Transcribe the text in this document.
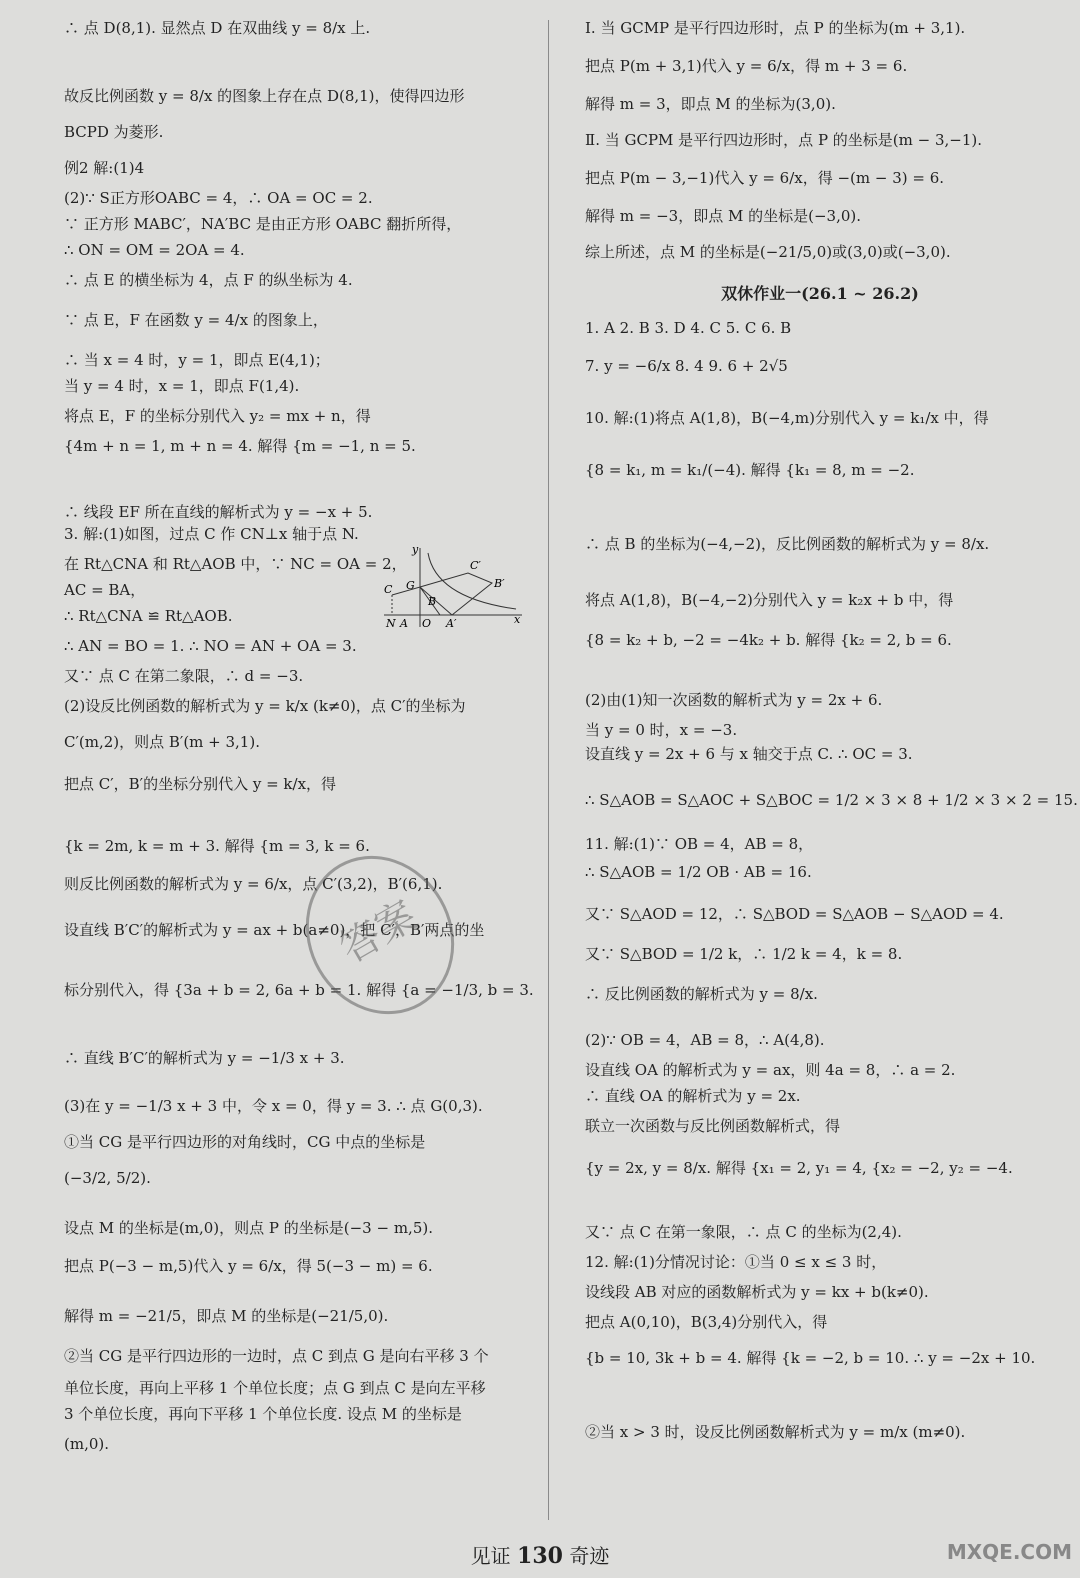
y
C′
C G
B
B′
N A O A′	x

∴ 点 D(8,1). 显然点 D 在双曲线 y = 8/x 上.

故反比例函数 y = 8/x 的图象上存在点 D(8,1)，使得四边形

BCPD 为菱形.

例2 解:(1)4

(2)∵ S正方形OABC = 4，∴ OA = OC = 2.

∵ 正方形 MABC′，NA′BC 是由正方形 OABC 翻折所得，

∴ ON = OM = 2OA = 4.

∴ 点 E 的横坐标为 4，点 F 的纵坐标为 4.

∵ 点 E，F 在函数 y = 4/x 的图象上，

∴ 当 x = 4 时，y = 1，即点 E(4,1)；

当 y = 4 时，x = 1，即点 F(1,4).

将点 E，F 的坐标分别代入 y₂ = mx + n，得

{4m + n = 1, m + n = 4. 解得 {m = −1, n = 5.

∴ 线段 EF 所在直线的解析式为 y = −x + 5.

3. 解:(1)如图，过点 C 作 CN⊥x 轴于点 N.

在 Rt△CNA 和 Rt△AOB 中，∵ NC = OA = 2，

AC = BA，

∴ Rt△CNA ≌ Rt△AOB.

∴ AN = BO = 1. ∴ NO = AN + OA = 3.

又∵ 点 C 在第二象限，∴ d = −3.

(2)设反比例函数的解析式为 y = k/x (k≠0)，点 C′的坐标为

C′(m,2)，则点 B′(m + 3,1).

把点 C′，B′的坐标分别代入 y = k/x，得

{k = 2m, k = m + 3. 解得 {m = 3, k = 6.

则反比例函数的解析式为 y = 6/x，点 C′(3,2)，B′(6,1).

设直线 B′C′的解析式为 y = ax + b(a≠0)，把 C′，B′两点的坐

标分别代入，得 {3a + b = 2, 6a + b = 1. 解得 {a = −1/3, b = 3.

∴ 直线 B′C′的解析式为 y = −1/3 x + 3.

(3)在 y = −1/3 x + 3 中，令 x = 0，得 y = 3. ∴ 点 G(0,3).

①当 CG 是平行四边形的对角线时，CG 中点的坐标是

(−3/2, 5/2).

设点 M 的坐标是(m,0)，则点 P 的坐标是(−3 − m,5).

把点 P(−3 − m,5)代入 y = 6/x，得 5(−3 − m) = 6.

解得 m = −21/5，即点 M 的坐标是(−21/5,0).

②当 CG 是平行四边形的一边时，点 C 到点 G 是向右平移 3 个

单位长度，再向上平移 1 个单位长度；点 G 到点 C 是向左平移

3 个单位长度，再向下平移 1 个单位长度. 设点 M 的坐标是

(m,0).

Ⅰ. 当 GCMP 是平行四边形时，点 P 的坐标为(m + 3,1).

把点 P(m + 3,1)代入 y = 6/x，得 m + 3 = 6.

解得 m = 3，即点 M 的坐标为(3,0).

Ⅱ. 当 GCPM 是平行四边形时，点 P 的坐标是(m − 3,−1).

把点 P(m − 3,−1)代入 y = 6/x，得 −(m − 3) = 6.

解得 m = −3，即点 M 的坐标是(−3,0).

综上所述，点 M 的坐标是(−21/5,0)或(3,0)或(−3,0).

双休作业一(26.1 ~ 26.2)

1. A 2. B 3. D 4. C 5. C 6. B

7. y = −6/x 8. 4 9. 6 + 2√5

10. 解:(1)将点 A(1,8)，B(−4,m)分别代入 y = k₁/x 中，得

{8 = k₁, m = k₁/(−4). 解得 {k₁ = 8, m = −2.

∴ 点 B 的坐标为(−4,−2)，反比例函数的解析式为 y = 8/x.

将点 A(1,8)，B(−4,−2)分别代入 y = k₂x + b 中，得

{8 = k₂ + b, −2 = −4k₂ + b. 解得 {k₂ = 2, b = 6.

(2)由(1)知一次函数的解析式为 y = 2x + 6.

当 y = 0 时，x = −3.

设直线 y = 2x + 6 与 x 轴交于点 C. ∴ OC = 3.

∴ S△AOB = S△AOC + S△BOC = 1/2 × 3 × 8 + 1/2 × 3 × 2 = 15.

11. 解:(1)∵ OB = 4，AB = 8，

∴ S△AOB = 1/2 OB · AB = 16.

又∵ S△AOD = 12，∴ S△BOD = S△AOB − S△AOD = 4.

又∵ S△BOD = 1/2 k，∴ 1/2 k = 4，k = 8.

∴ 反比例函数的解析式为 y = 8/x.

(2)∵ OB = 4，AB = 8，∴ A(4,8).

设直线 OA 的解析式为 y = ax，则 4a = 8，∴ a = 2.

∴ 直线 OA 的解析式为 y = 2x.

联立一次函数与反比例函数解析式，得

{y = 2x, y = 8/x. 解得 {x₁ = 2, y₁ = 4, {x₂ = −2, y₂ = −4.

又∵ 点 C 在第一象限，∴ 点 C 的坐标为(2,4).

12. 解:(1)分情况讨论：①当 0 ≤ x ≤ 3 时，

设线段 AB 对应的函数解析式为 y = kx + b(k≠0).

把点 A(0,10)，B(3,4)分别代入，得

{b = 10, 3k + b = 4. 解得 {k = −2, b = 10. ∴ y = −2x + 10.

②当 x > 3 时，设反比例函数解析式为 y = m/x (m≠0).

答案
见证 130 奇迹	MXQE.COM
